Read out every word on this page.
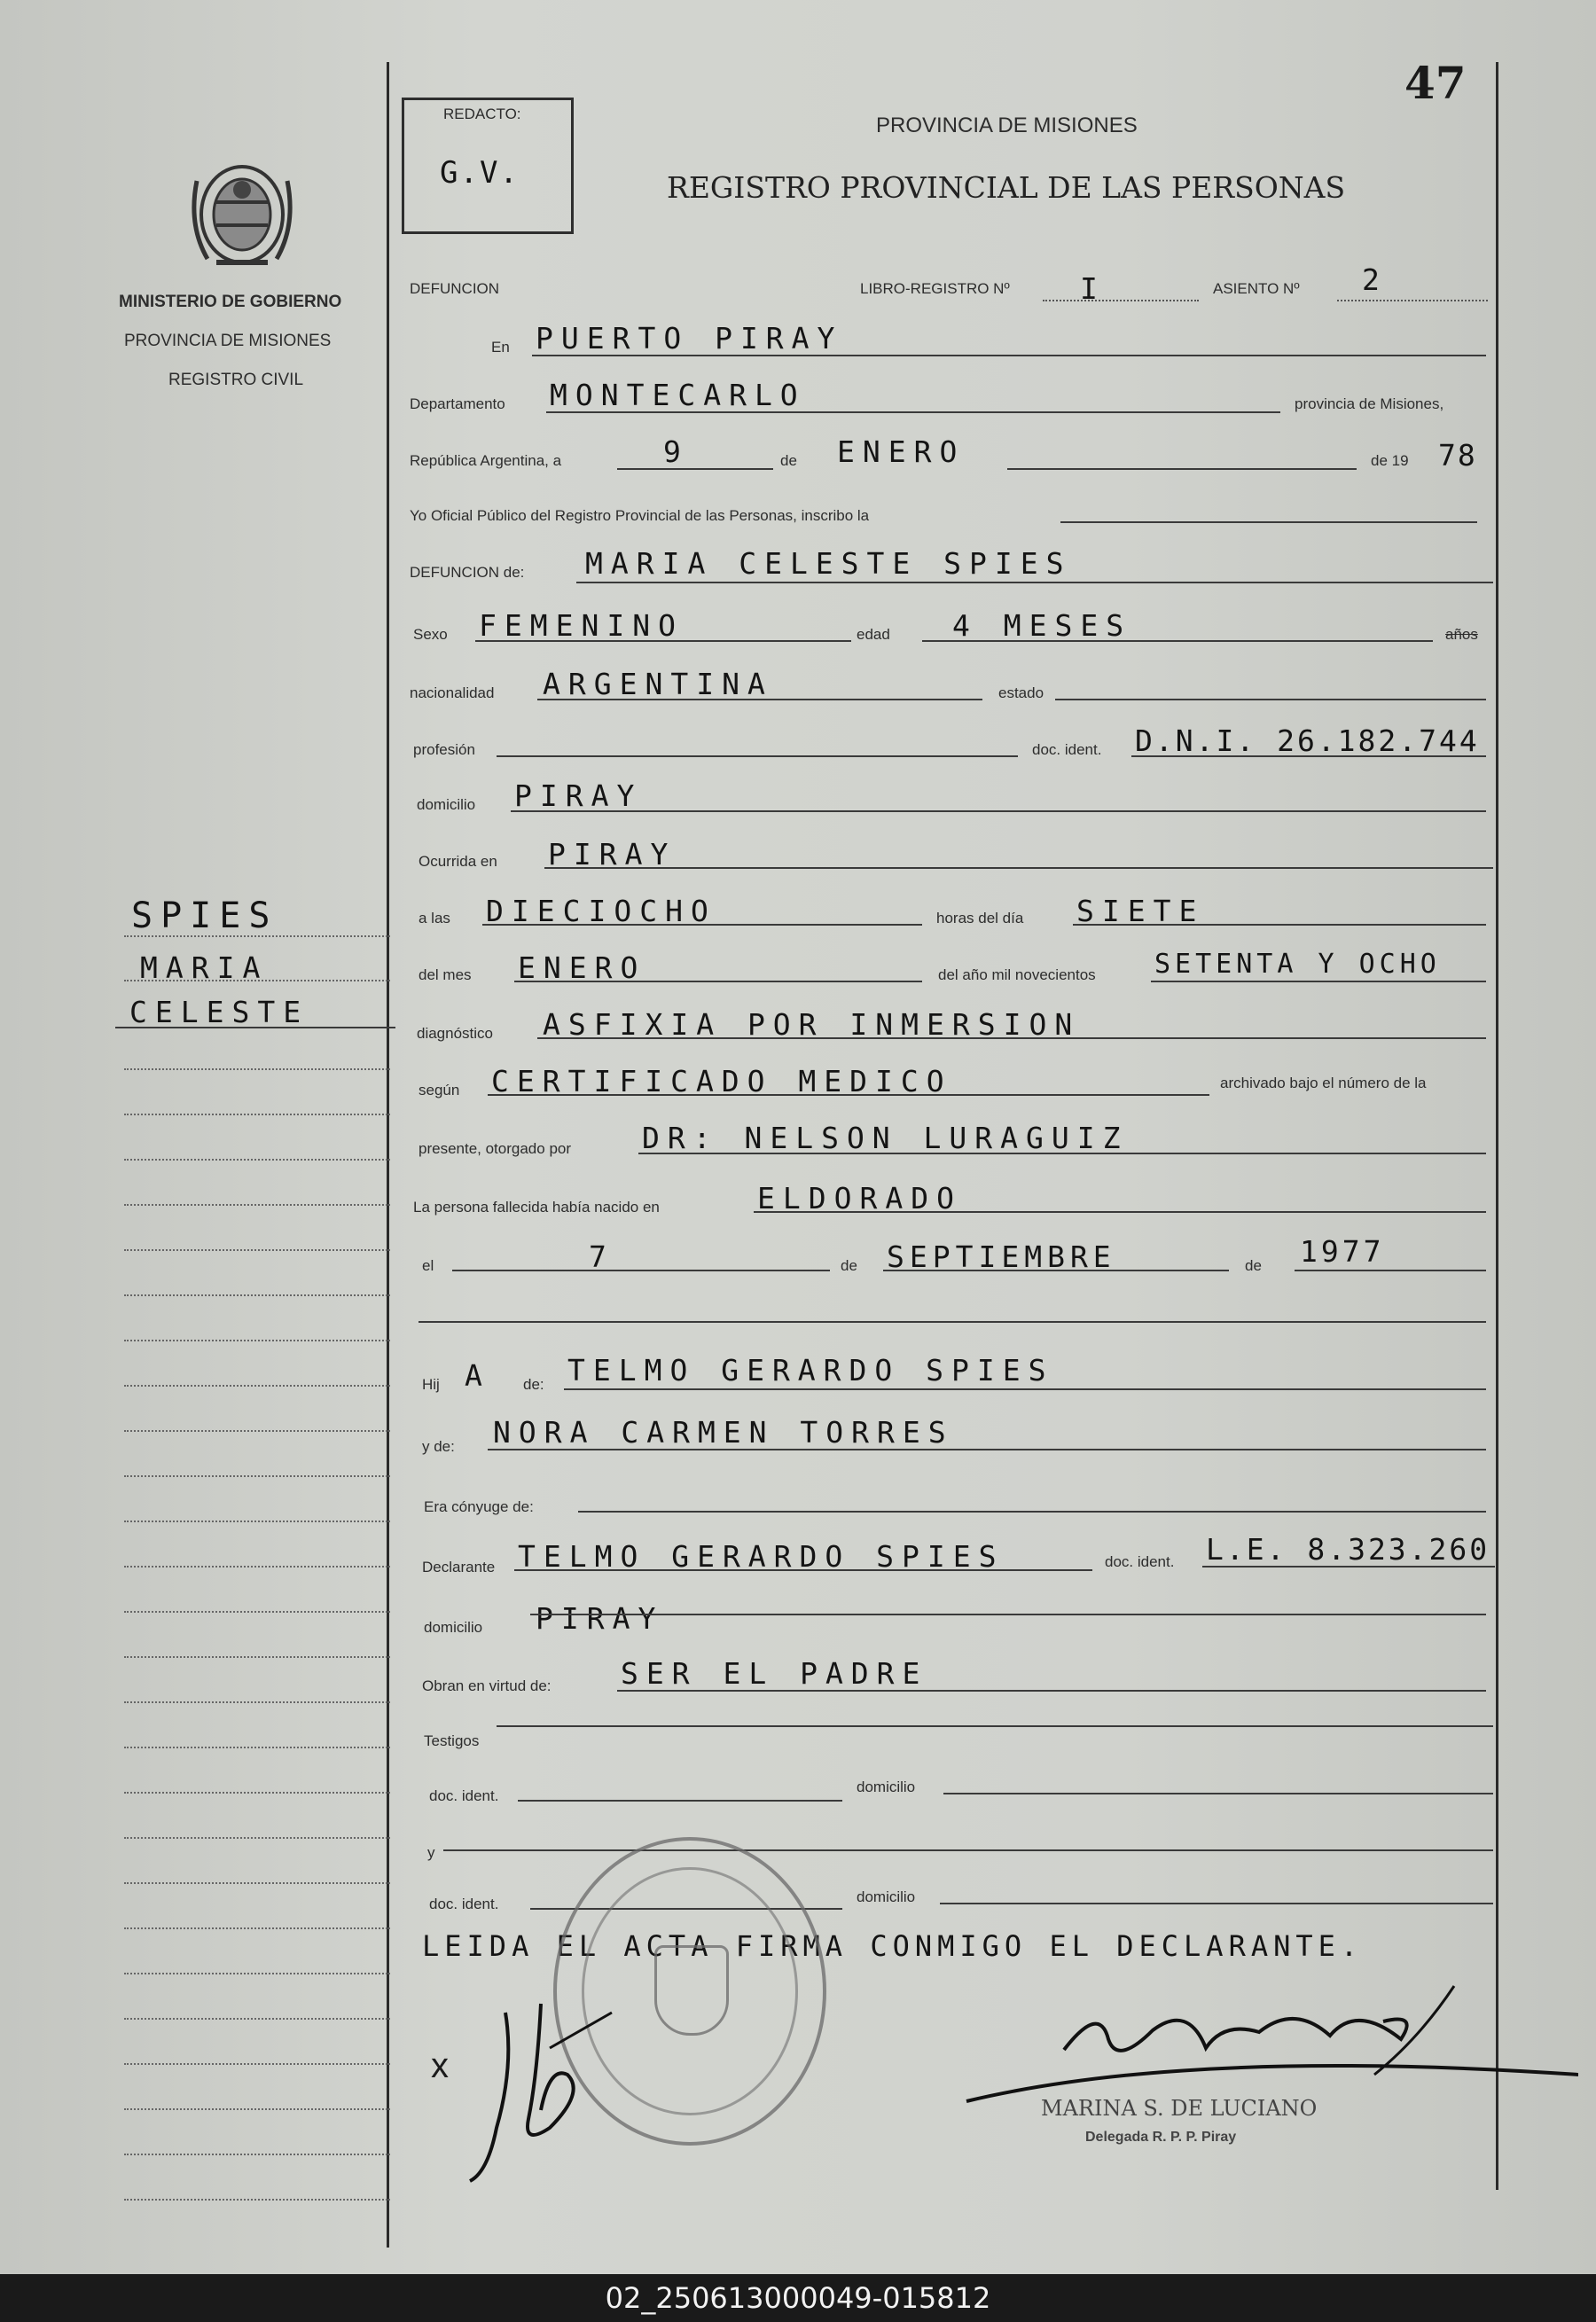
47
MINISTERIO DE GOBIERNO
PROVINCIA DE MISIONES
REGISTRO CIVIL
SPIES
MARIA
CELESTE
REDACTO:
G.V.
PROVINCIA DE MISIONES
REGISTRO PROVINCIAL DE LAS PERSONAS
DEFUNCION	LIBRO-REGISTRO Nº I	ASIENTO Nº 2
En PUERTO PIRAY
Departamento MONTECARLO	provincia de Misiones,
República Argentina, a	9	de ENERO	de 19 78
Yo Oficial Público del Registro Provincial de las Personas, inscribo la
DEFUNCION de: MARIA CELESTE SPIES
Sexo FEMENINO	edad 4 MESES	años
nacionalidad ARGENTINA	estado
profesión	doc. ident. D.N.I. 26.182.744
domicilio PIRAY
Ocurrida en PIRAY
a las DIECIOCHO	horas del día SIETE
del mes ENERO	del año mil novecientos SETENTA Y OCHO
diagnóstico ASFIXIA POR INMERSION
según CERTIFICADO MEDICO	archivado bajo el número de la
presente, otorgado por DR: NELSON LURAGUIZ
La persona fallecida había nacido en	ELDORADO
el	7	de SEPTIEMBRE	de 1977
Hij A de: TELMO GERARDO SPIES
y de: NORA CARMEN TORRES
Era cónyuge de:
Declarante TELMO GERARDO SPIES	doc. ident. L.E. 8.323.260
domicilio PIRAY
Obran en virtud de: SER EL PADRE
Testigos
doc. ident.
domicilio
y
doc. ident.	domicilio
LEIDA EL ACTA FIRMA CONMIGO EL DECLARANTE.
x
MARINA S. DE LUCIANO
Delegada R. P. P. Piray
02_250613000049-015812
